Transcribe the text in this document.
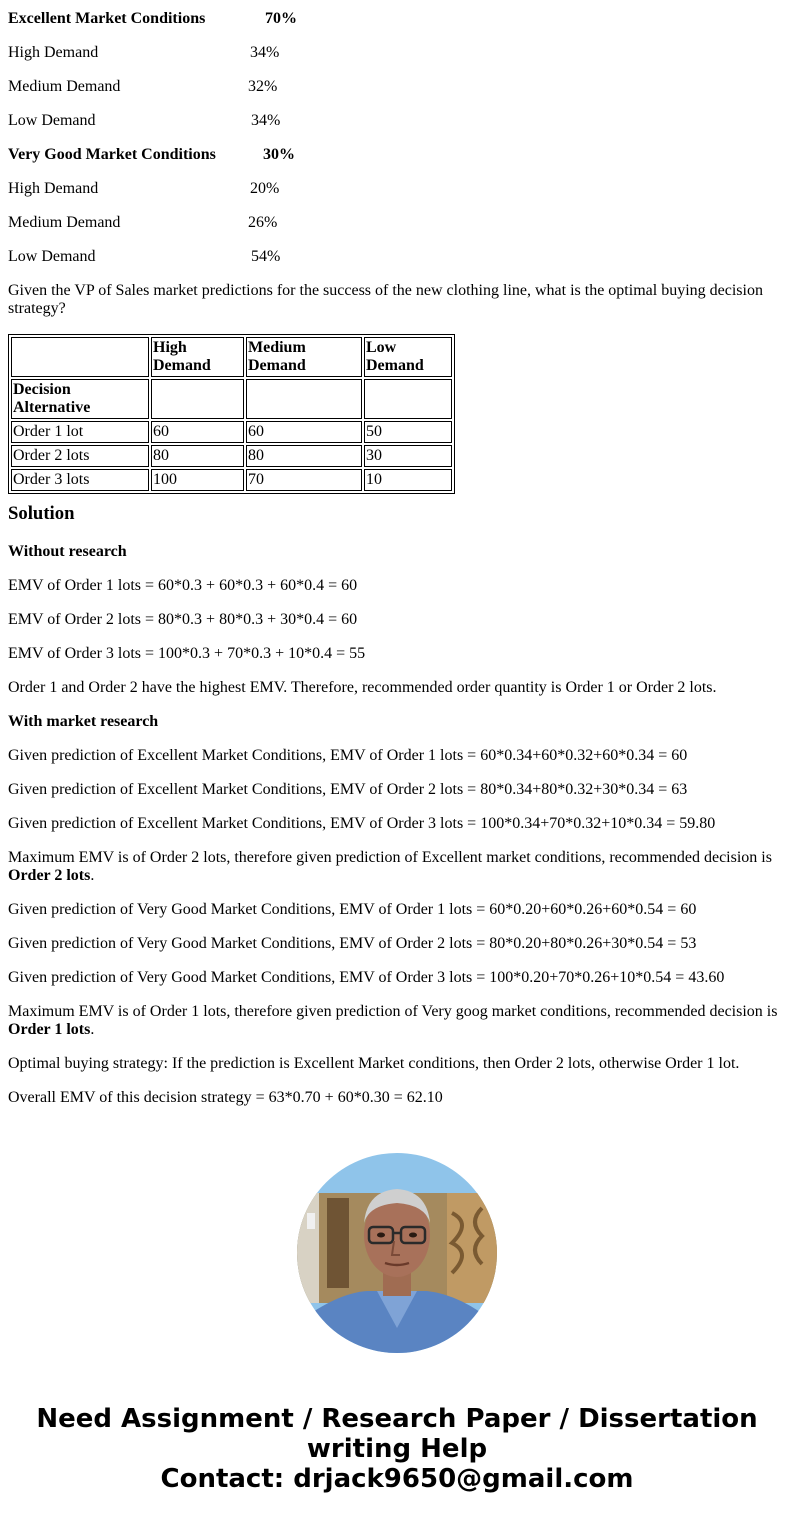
Excellent Market Conditions	70%

High Demand	34%

Medium Demand	32%

Low Demand	34%

Very Good Market Conditions	30%

High Demand	20%

Medium Demand	26%

Low Demand	54%

Given the VP of Sales market predictions for the success of the new clothing line, what is the optimal buying decision strategy?

	High Demand	Medium Demand	Low Demand
Decision Alternative			
Order 1 lot	60	60	50
Order 2 lots	80	80	30
Order 3 lots	100	70	10
Solution

Without research

EMV of Order 1 lots = 60*0.3 + 60*0.3 + 60*0.4 = 60

EMV of Order 2 lots = 80*0.3 + 80*0.3 + 30*0.4 = 60

EMV of Order 3 lots = 100*0.3 + 70*0.3 + 10*0.4 = 55

Order 1 and Order 2 have the highest EMV. Therefore, recommended order quantity is Order 1 or Order 2 lots.

With market research

Given prediction of Excellent Market Conditions, EMV of Order 1 lots = 60*0.34+60*0.32+60*0.34 = 60

Given prediction of Excellent Market Conditions, EMV of Order 2 lots = 80*0.34+80*0.32+30*0.34 = 63

Given prediction of Excellent Market Conditions, EMV of Order 3 lots = 100*0.34+70*0.32+10*0.34 = 59.80

Maximum EMV is of Order 2 lots, therefore given prediction of Excellent market conditions, recommended decision is Order 2 lots.

Given prediction of Very Good Market Conditions, EMV of Order 1 lots = 60*0.20+60*0.26+60*0.54 = 60

Given prediction of Very Good Market Conditions, EMV of Order 2 lots = 80*0.20+80*0.26+30*0.54 = 53

Given prediction of Very Good Market Conditions, EMV of Order 3 lots = 100*0.20+70*0.26+10*0.54 = 43.60

Maximum EMV is of Order 1 lots, therefore given prediction of Very goog market conditions, recommended decision is Order 1 lots.

Optimal buying strategy: If the prediction is Excellent Market conditions, then Order 2 lots, otherwise Order 1 lot.

Overall EMV of this decision strategy = 63*0.70 + 60*0.30 = 62.10

Need Assignment / Research Paper / Dissertation
writing Help
Contact: drjack9650@gmail.com
